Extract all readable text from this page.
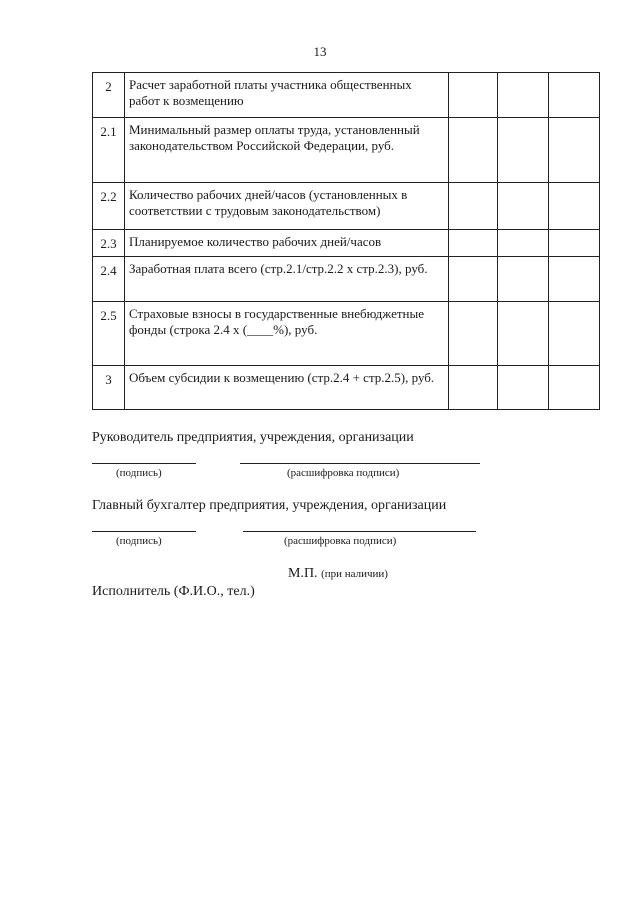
13
2	Расчет заработной платы участника общественных работ к возмещению			
2.1	Минимальный размер оплаты труда, установленный законодательством Российской Федерации, руб.			
2.2	Количество рабочих дней/часов (установленных в соответствии с трудовым законодательством)			
2.3	Планируемое количество рабочих дней/часов			
2.4	Заработная плата всего (стр.2.1/стр.2.2 х стр.2.3), руб.			
2.5	Страховые взносы в государственные внебюджетные фонды (строка 2.4 х (____%), руб.			
3	Объем субсидии к возмещению (стр.2.4 + стр.2.5), руб.			
Руководитель предприятия, учреждения, организации
(подпись)	(расшифровка подписи)
Главный бухгалтер предприятия, учреждения, организации
(подпись)	(расшифровка подписи)
М.П. (при наличии)
Исполнитель (Ф.И.О., тел.)
